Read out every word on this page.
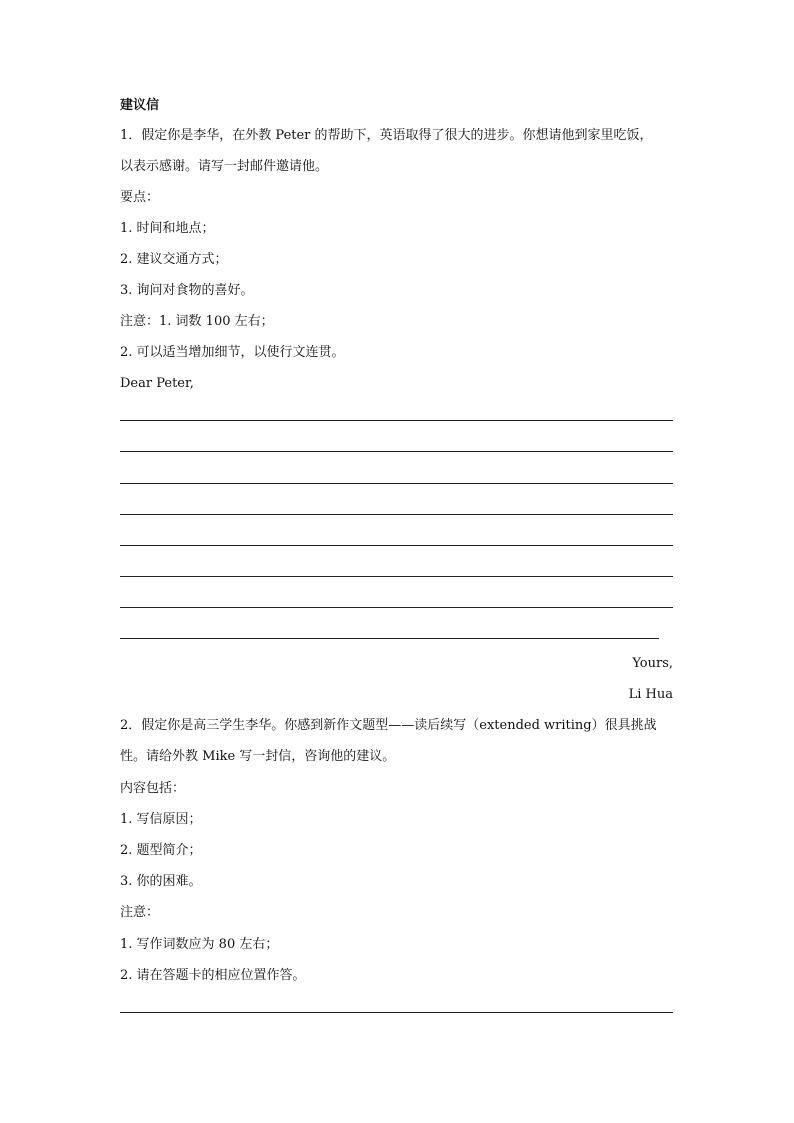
建议信
1．假定你是李华，在外教 Peter 的帮助下，英语取得了很大的进步。你想请他到家里吃饭，
以表示感谢。请写一封邮件邀请他。
要点：
1. 时间和地点；
2. 建议交通方式；
3. 询问对食物的喜好。
注意：1. 词数 100 左右；
2. 可以适当增加细节，以使行文连贯。
Dear Peter,
Yours,
Li Hua
2．假定你是高三学生李华。你感到新作文题型——读后续写（extended writing）很具挑战
性。请给外教 Mike 写一封信，咨询他的建议。
内容包括：
1. 写信原因；
2. 题型简介；
3. 你的困难。
注意：
1. 写作词数应为 80 左右；
2. 请在答题卡的相应位置作答。
